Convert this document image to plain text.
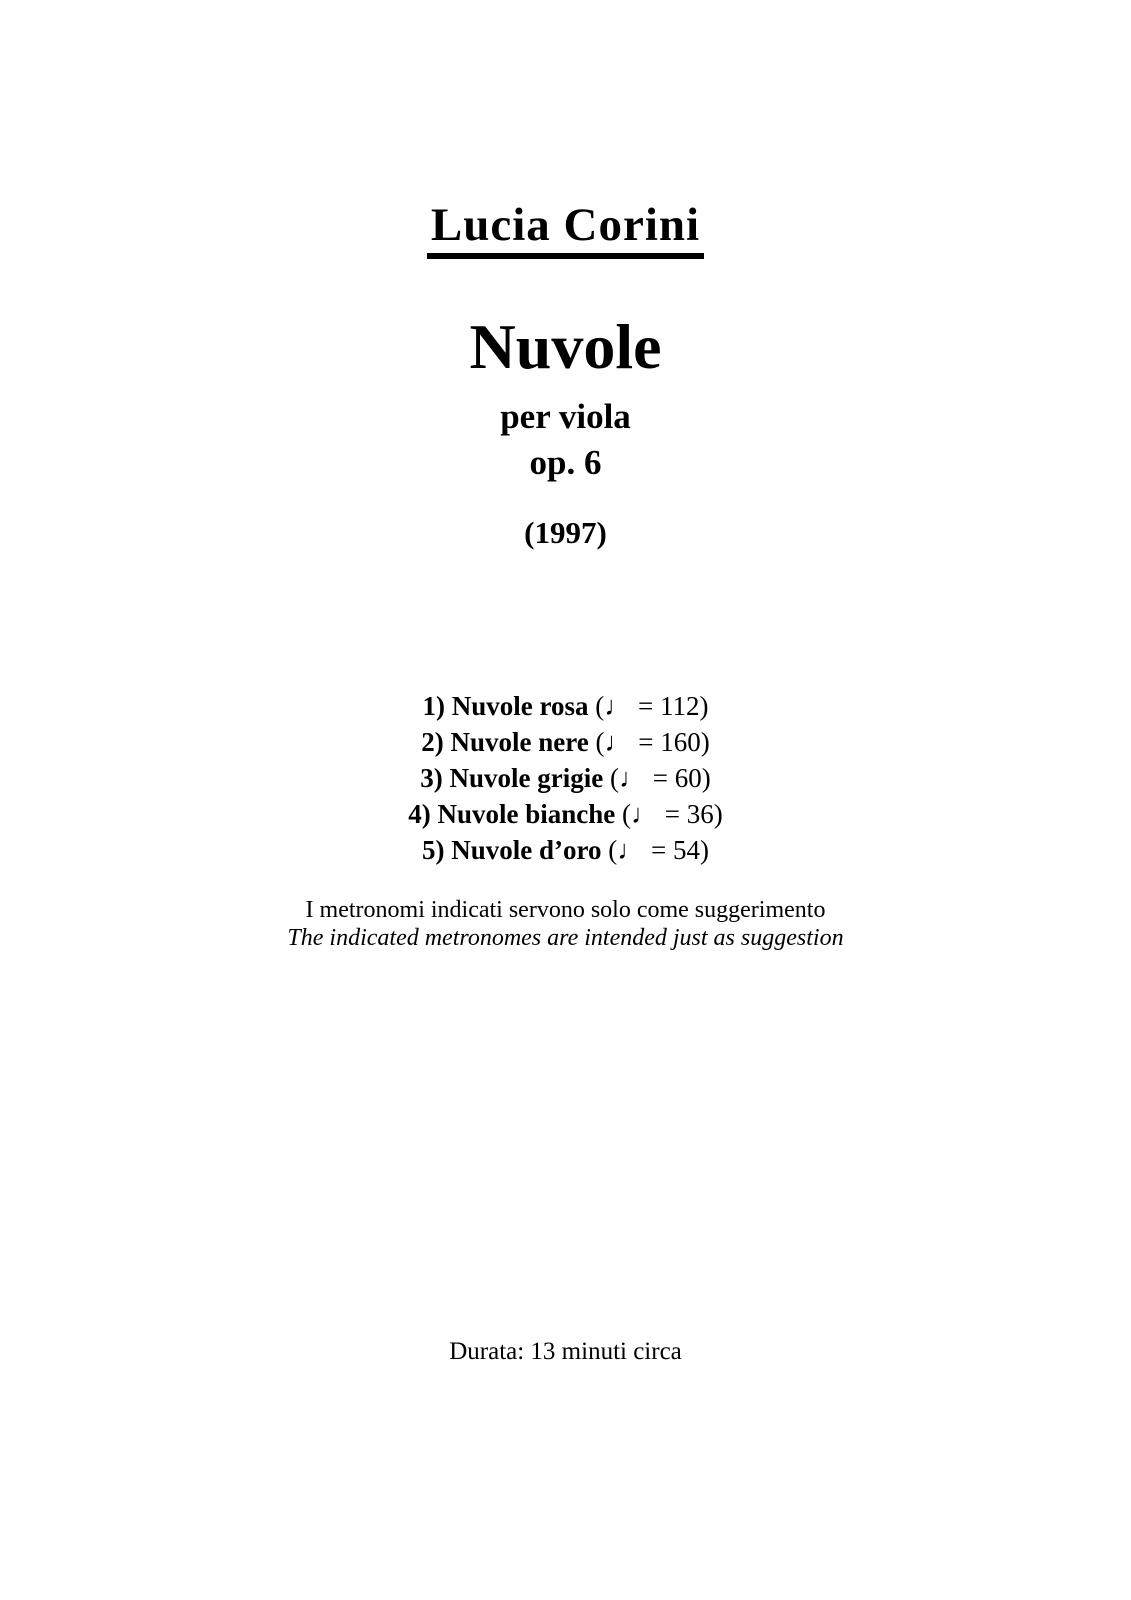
Lucia Corini
Nuvole
per viola
op. 6
(1997)
1) Nuvole rosa (♩ = 112)
2) Nuvole nere (♩ = 160)
3) Nuvole grigie (♩ = 60)
4) Nuvole bianche (♩ = 36)
5) Nuvole d’oro (♩ = 54)
I metronomi indicati servono solo come suggerimento
The indicated metronomes are intended just as suggestion
Durata: 13 minuti circa
